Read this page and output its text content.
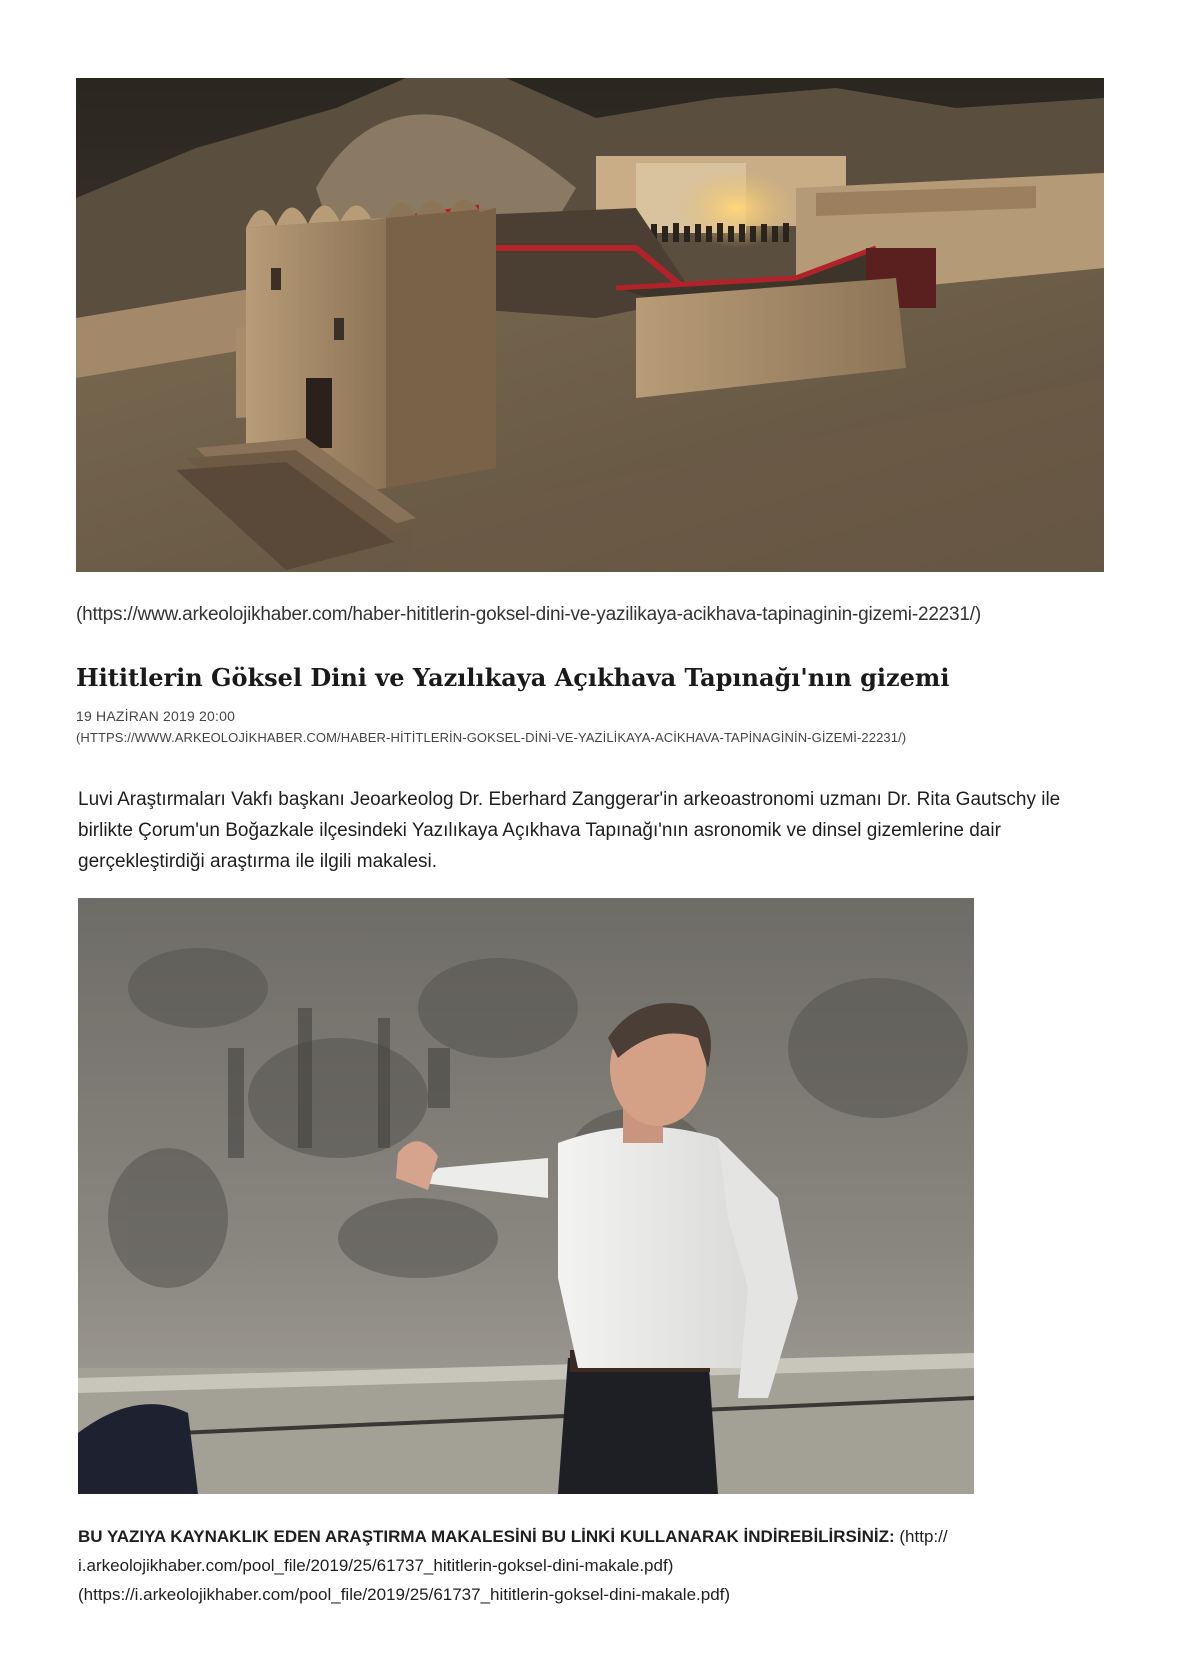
(https://www.arkeolojikhaber.com/haber-hititlerin-goksel-dini-ve-yazilikaya-acikhava-tapinaginin-gizemi-22231/)
Hititlerin Göksel Dini ve Yazılıkaya Açıkhava Tapınağı'nın gizemi
19 HAZİRAN 2019 20:00
(HTTPS://WWW.ARKEOLOJİKHABER.COM/HABER-HİTİTLERİN-GOKSEL-DİNİ-VE-YAZİLİKAYA-ACİKHAVA-TAPİNAGİNİN-GİZEMİ-22231/)

Luvi Araştırmaları Vakfı başkanı Jeoarkeolog Dr. Eberhard Zanggerar'in arkeoastronomi uzmanı Dr. Rita Gautschy ile birlikte Çorum'un Boğazkale ilçesindeki Yazılıkaya Açıkhava Tapınağı'nın asronomik ve dinsel gizemlerine dair gerçekleştirdiği araştırma ile ilgili makalesi.

BU YAZIYA KAYNAKLIK EDEN ARAŞTIRMA MAKALESİNİ BU LİNKİ KULLANARAK İNDİREBİLİRSİNİZ: (http:// i.arkeolojikhaber.com/pool_file/2019/25/61737_hititlerin-goksel-dini-makale.pdf)(https://i.arkeolojikhaber.com/pool_file/2019/25/61737_hititlerin-goksel-dini-makale.pdf)
